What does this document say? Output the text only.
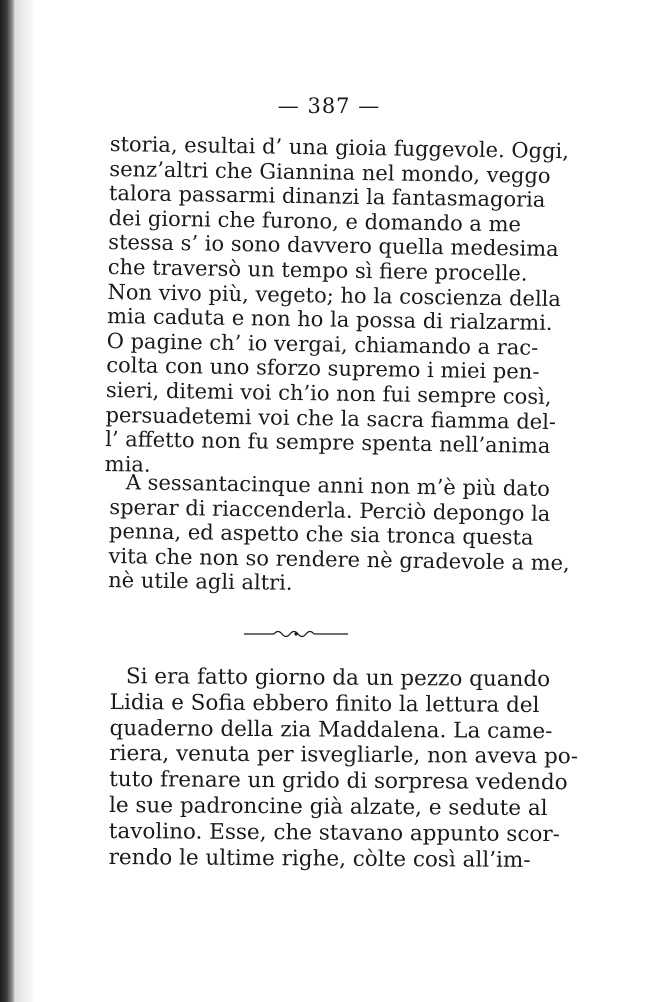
— 387 —

storia, esultai d’ una gioia fuggevole. Oggi,
senz’altri che Giannina nel mondo, veggo
talora passarmi dinanzi la fantasmagoria
dei giorni che furono, e domando a me
stessa s’ io sono davvero quella medesima
che traversò un tempo sì fiere procelle.
Non vivo più, vegeto; ho la coscienza della
mia caduta e non ho la possa di rialzarmi.
O pagine ch’ io vergai, chiamando a rac-
colta con uno sforzo supremo i miei pen-
sieri, ditemi voi ch’io non fui sempre così,
persuadetemi voi che la sacra fiamma del-
l’ affetto non fu sempre spenta nell’anima
mia.

A sessantacinque anni non m’è più dato
sperar di riaccenderla. Perciò depongo la
penna, ed aspetto che sia tronca questa
vita che non so rendere nè gradevole a me,
nè utile agli altri.

Si era fatto giorno da un pezzo quando
Lidia e Sofia ebbero finito la lettura del
quaderno della zia Maddalena. La came-
riera, venuta per isvegliarle, non aveva po-
tuto frenare un grido di sorpresa vedendo
le sue padroncine già alzate, e sedute al
tavolino. Esse, che stavano appunto scor-
rendo le ultime righe, còlte così all’im-
